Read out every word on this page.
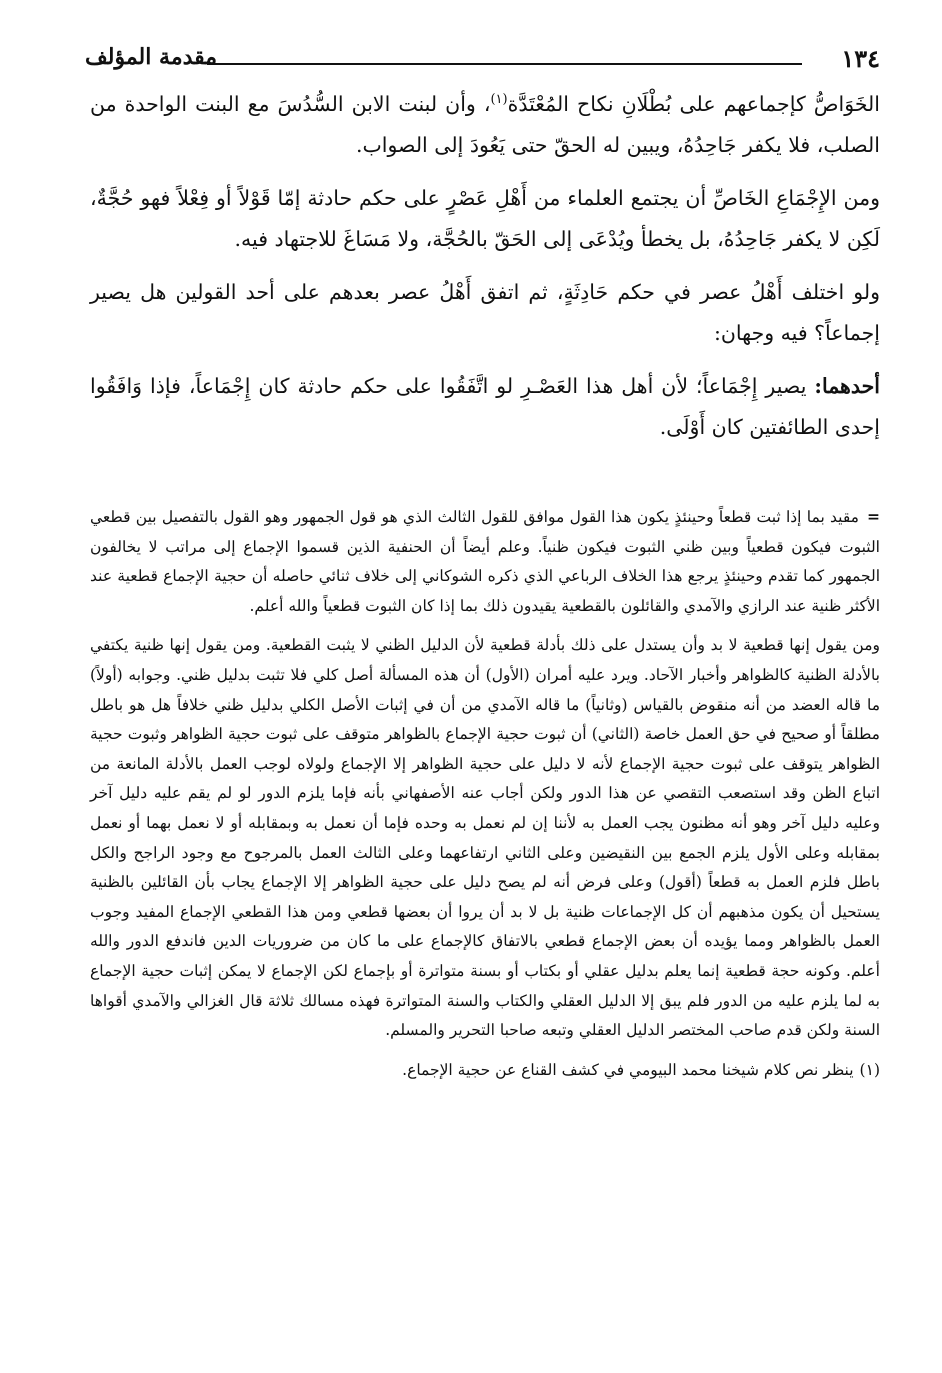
١٣٤
مقدمة المؤلف

الخَوَاصُّ كإجماعهم على بُطْلَانِ نكاح المُعْتَدَّة$^{(١)}$، وأن لبنت الابن السُّدُسَ مع البنت الواحدة من الصلب، فلا يكفر جَاحِدُهُ، ويبين له الحقّ حتى يَعُودَ إلى الصواب.

ومن الإِجْمَاعِ الخَاصِّ أن يجتمع العلماء من أَهْلِ عَصْرٍ على حكم حادثة إمّا قَوْلاً أو فِعْلاً فهو حُجَّةٌ، لَكِن لا يكفر جَاحِدُهُ، بل يخطأ ويُدْعَى إلى الحَقّ بالحُجَّة، ولا مَسَاغَ للاجتهاد فيه.

ولو اختلف أَهْلُ عصر في حكم حَادِثَةٍ، ثم اتفق أَهْلُ عصر بعدهم على أحد القولين هل يصير إجماعاً؟ فيه وجهان:

أحدهما: يصير إِجْمَاعاً؛ لأن أهل هذا العَصْـرِ لو اتَّفَقُوا على حكم حادثة كان إِجْمَاعاً، فإذا وَافَقُوا إحدى الطائفتين كان أَوْلَى.

=مقيد بما إذا ثبت قطعاً وحينئذٍ يكون هذا القول موافق للقول الثالث الذي هو قول الجمهور وهو القول بالتفصيل بين قطعي الثبوت فيكون قطعياً وبين ظني الثبوت فيكون ظنياً. وعلم أيضاً أن الحنفية الذين قسموا الإجماع إلى مراتب لا يخالفون الجمهور كما تقدم وحينئذٍ يرجع هذا الخلاف الرباعي الذي ذكره الشوكاني إلى خلاف ثنائي حاصله أن حجية الإجماع قطعية عند الأكثر ظنية عند الرازي والآمدي والقائلون بالقطعية يقيدون ذلك بما إذا كان الثبوت قطعياً والله أعلم.

ومن يقول إنها قطعية لا بد وأن يستدل على ذلك بأدلة قطعية لأن الدليل الظني لا يثبت القطعية. ومن يقول إنها ظنية يكتفي بالأدلة الظنية كالظواهر وأخبار الآحاد. ويرد عليه أمران (الأول) أن هذه المسألة أصل كلي فلا تثبت بدليل ظني. وجوابه (أولاً) ما قاله العضد من أنه منقوض بالقياس (وثانياً) ما قاله الآمدي من أن في إثبات الأصل الكلي بدليل ظني خلافاً هل هو باطل مطلقاً أو صحيح في حق العمل خاصة (الثاني) أن ثبوت حجية الإجماع بالظواهر متوقف على ثبوت حجية الظواهر وثبوت حجية الظواهر يتوقف على ثبوت حجية الإجماع لأنه لا دليل على حجية الظواهر إلا الإجماع ولولاه لوجب العمل بالأدلة المانعة من اتباع الظن وقد استصعب التقصي عن هذا الدور ولكن أجاب عنه الأصفهاني بأنه فإما يلزم الدور لو لم يقم عليه دليل آخر وعليه دليل آخر وهو أنه مظنون يجب العمل به لأننا إن لم نعمل به وحده فإما أن نعمل به وبمقابله أو لا نعمل بهما أو نعمل بمقابله وعلى الأول يلزم الجمع بين النقيضين وعلى الثاني ارتفاعهما وعلى الثالث العمل بالمرجوح مع وجود الراجح والكل باطل فلزم العمل به قطعاً (أقول) وعلى فرض أنه لم يصح دليل على حجية الظواهر إلا الإجماع يجاب بأن القائلين بالظنية يستحيل أن يكون مذهبهم أن كل الإجماعات ظنية بل لا بد أن يروا أن بعضها قطعي ومن هذا القطعي الإجماع المفيد وجوب العمل بالظواهر ومما يؤيده أن بعض الإجماع قطعي بالاتفاق كالإجماع على ما كان من ضروريات الدين فاندفع الدور والله أعلم. وكونه حجة قطعية إنما يعلم بدليل عقلي أو بكتاب أو بسنة متواترة أو بإجماع لكن الإجماع لا يمكن إثبات حجية الإجماع به لما يلزم عليه من الدور فلم يبق إلا الدليل العقلي والكتاب والسنة المتواترة فهذه مسالك ثلاثة قال الغزالي والآمدي أقواها السنة ولكن قدم صاحب المختصر الدليل العقلي وتبعه صاحبا التحرير والمسلم.

(١)ينظر نص كلام شيخنا محمد البيومي في كشف القناع عن حجية الإجماع.
